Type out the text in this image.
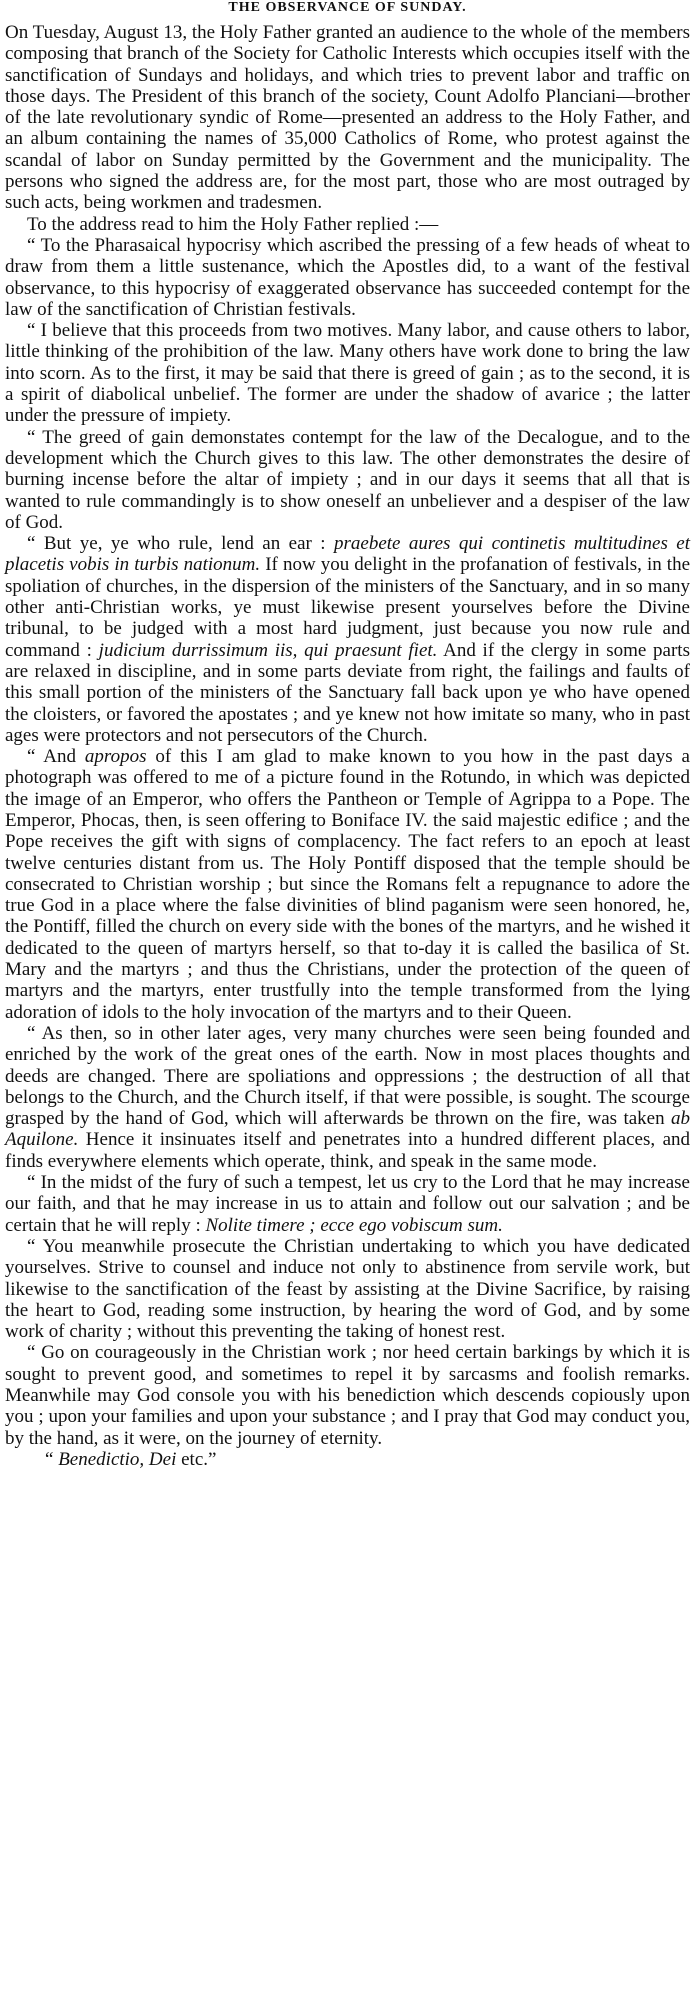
THE OBSERVANCE OF SUNDAY.

On Tuesday, August 13, the Holy Father granted an audience to the whole of the members composing that branch of the Society for Catholic Interests which occupies itself with the sanctification of Sundays and holidays, and which tries to prevent labor and traffic on those days. The President of this branch of the society, Count Adolfo Planciani—brother of the late revolutionary syndic of Rome—presented an address to the Holy Father, and an album containing the names of 35,000 Catholics of Rome, who protest against the scandal of labor on Sunday permitted by the Government and the municipality. The persons who signed the address are, for the most part, those who are most outraged by such acts, being workmen and tradesmen.

To the address read to him the Holy Father replied :—

“ To the Pharasaical hypocrisy which ascribed the pressing of a few heads of wheat to draw from them a little sustenance, which the Apostles did, to a want of the festival observance, to this hypocrisy of exaggerated observance has succeeded contempt for the law of the sanctification of Christian festivals.

“ I believe that this proceeds from two motives. Many labor, and cause others to labor, little thinking of the prohibition of the law. Many others have work done to bring the law into scorn. As to the first, it may be said that there is greed of gain ; as to the second, it is a spirit of diabolical unbelief. The former are under the shadow of avarice ; the latter under the pressure of impiety.

“ The greed of gain demonstates contempt for the law of the Decalogue, and to the development which the Church gives to this law. The other demonstrates the desire of burning incense before the altar of impiety ; and in our days it seems that all that is wanted to rule commandingly is to show oneself an unbeliever and a despiser of the law of God.

“ But ye, ye who rule, lend an ear : praebete aures qui continetis multitudines et placetis vobis in turbis nationum. If now you delight in the profanation of festivals, in the spoliation of churches, in the dispersion of the ministers of the Sanctuary, and in so many other anti-Christian works, ye must likewise present yourselves before the Divine tribunal, to be judged with a most hard judgment, just because you now rule and command : judicium durrissimum iis, qui praesunt fiet. And if the clergy in some parts are relaxed in discipline, and in some parts deviate from right, the failings and faults of this small portion of the ministers of the Sanctuary fall back upon ye who have opened the cloisters, or favored the apostates ; and ye knew not how imitate so many, who in past ages were protectors and not persecutors of the Church.

“ And apropos of this I am glad to make known to you how in the past days a photograph was offered to me of a picture found in the Rotundo, in which was depicted the image of an Emperor, who offers the Pantheon or Temple of Agrippa to a Pope. The Emperor, Phocas, then, is seen offering to Boniface IV. the said majestic edifice ; and the Pope receives the gift with signs of complacency. The fact refers to an epoch at least twelve centuries distant from us. The Holy Pontiff disposed that the temple should be consecrated to Christian worship ; but since the Romans felt a repugnance to adore the true God in a place where the false divinities of blind paganism were seen honored, he, the Pontiff, filled the church on every side with the bones of the martyrs, and he wished it dedicated to the queen of martyrs herself, so that to-day it is called the basilica of St. Mary and the martyrs ; and thus the Christians, under the protection of the queen of martyrs and the martyrs, enter trustfully into the temple transformed from the lying adoration of idols to the holy invocation of the martyrs and to their Queen.

“ As then, so in other later ages, very many churches were seen being founded and enriched by the work of the great ones of the earth. Now in most places thoughts and deeds are changed. There are spoliations and oppressions ; the destruction of all that belongs to the Church, and the Church itself, if that were possible, is sought. The scourge grasped by the hand of God, which will afterwards be thrown on the fire, was taken ab Aquilone. Hence it insinuates itself and penetrates into a hundred different places, and finds everywhere elements which operate, think, and speak in the same mode.

“ In the midst of the fury of such a tempest, let us cry to the Lord that he may increase our faith, and that he may increase in us to attain and follow out our salvation ; and be certain that he will reply : Nolite timere ; ecce ego vobiscum sum.

“ You meanwhile prosecute the Christian undertaking to which you have dedicated yourselves. Strive to counsel and induce not only to abstinence from servile work, but likewise to the sanctification of the feast by assisting at the Divine Sacrifice, by raising the heart to God, reading some instruction, by hearing the word of God, and by some work of charity ; without this preventing the taking of honest rest.

“ Go on courageously in the Christian work ; nor heed certain barkings by which it is sought to prevent good, and sometimes to repel it by sarcasms and foolish remarks. Meanwhile may God console you with his benediction which descends copiously upon you ; upon your families and upon your substance ; and I pray that God may conduct you, by the hand, as it were, on the journey of eternity.

“ Benedictio, Dei etc.”
